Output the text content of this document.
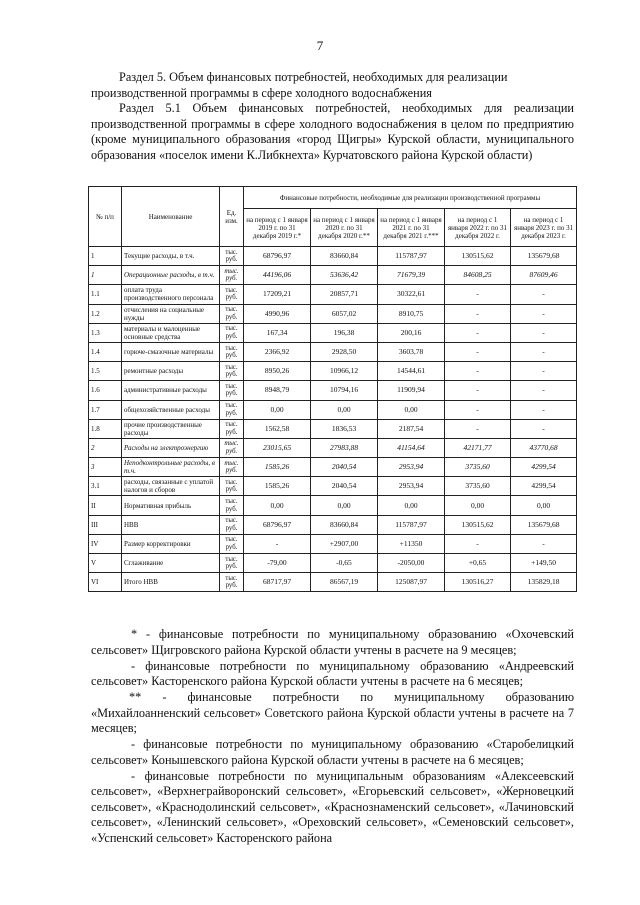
7
Раздел 5. Объем финансовых потребностей, необходимых для реализации производственной программы в сфере холодного водоснабжения
Раздел 5.1 Объем финансовых потребностей, необходимых для реализации производственной программы в сфере холодного водоснабжения в целом по предприятию (кроме муниципального образования «город Щигры» Курской области, муниципального образования «поселок имени К.Либкнехта» Курчатовского района Курской области)
№ п/п	Наименование	Ед. изм.	Финансовые потребности, необходимые для реализации производственной программы				
			на период с 1 января 2019 г. по 31 декабря 2019 г.*	на период с 1 января 2020 г. по 31 декабря 2020 г.**	на период с 1 января 2021 г. по 31 декабря 2021 г.***	на период с 1 января 2022 г. по 31 декабря 2022 г.	на период с 1 января 2023 г. по 31 декабря 2023 г.
1	Текущие расходы, в т.ч.	тыс. руб.	68796,97	83660,84	115787,97	130515,62	135679,68
1	Операционные расходы, в т.ч.	тыс. руб.	44196,06	53636,42	71679,39	84608,25	87609,46
1.1	оплата труда производственного персонала	тыс. руб.	17209,21	20857,71	30322,61	-	-
1.2	отчисления на социальные нужды	тыс. руб.	4990,96	6057,02	8910,75	-	-
1.3	материалы и малоценные основные средства	тыс. руб.	167,34	196,38	200,16	-	-
1.4	горюче-смазочные материалы	тыс. руб.	2366,92	2928,50	3603,78	-	-
1.5	ремонтные расходы	тыс. руб.	8950,26	10966,12	14544,61	-	-
1.6	административные расходы	тыс. руб.	8948,79	10794,16	11909,94	-	-
1.7	общехозяйственные расходы	тыс. руб.	0,00	0,00	0,00	-	-
1.8	прочие производственные расходы	тыс. руб.	1562,58	1836,53	2187,54	-	-
2	Расходы на электроэнергию	тыс. руб.	23015,65	27983,88	41154,64	42171,77	43770,68
3	Неподконтрольные расходы, в т.ч.	тыс. руб.	1585,26	2040,54	2953,94	3735,60	4299,54
3.1	расходы, связанные с уплатой налогов и сборов	тыс. руб.	1585,26	2040,54	2953,94	3735,60	4299,54
II	Нормативная прибыль	тыс. руб.	0,00	0,00	0,00	0,00	0,00
III	НВВ	тыс. руб.	68796,97	83660,84	115787,97	130515,62	135679,68
IV	Размер корректировки	тыс. руб.	-	+2907,00	+11350	-	-
V	Сглаживание	тыс. руб.	-79,00	-0,65	-2050,00	+0,65	+149,50
VI	Итого НВВ	тыс. руб.	68717,97	86567,19	125087,97	130516,27	135829,18

* - финансовые потребности по муниципальному образованию «Охочевский сельсовет» Щигровского района Курской области учтены в расчете на 9 месяцев;

- финансовые потребности по муниципальному образованию «Андреевский сельсовет» Касторенского района Курской области учтены в расчете на 6 месяцев;

** - финансовые потребности по муниципальному образованию «Михайлоанненский сельсовет» Советского района Курской области учтены в расчете на 7 месяцев;

- финансовые потребности по муниципальному образованию «Старобелицкий сельсовет» Конышевского района Курской области учтены в расчете на 6 месяцев;

- финансовые потребности по муниципальным образованиям «Алексеевский сельсовет», «Верхнеграйворонский сельсовет», «Егорьевский сельсовет», «Жерновецкий сельсовет», «Краснодолинский сельсовет», «Краснознаменский сельсовет», «Лачиновский сельсовет», «Ленинский сельсовет», «Ореховский сельсовет», «Семеновский сельсовет», «Успенский сельсовет» Касторенского района
